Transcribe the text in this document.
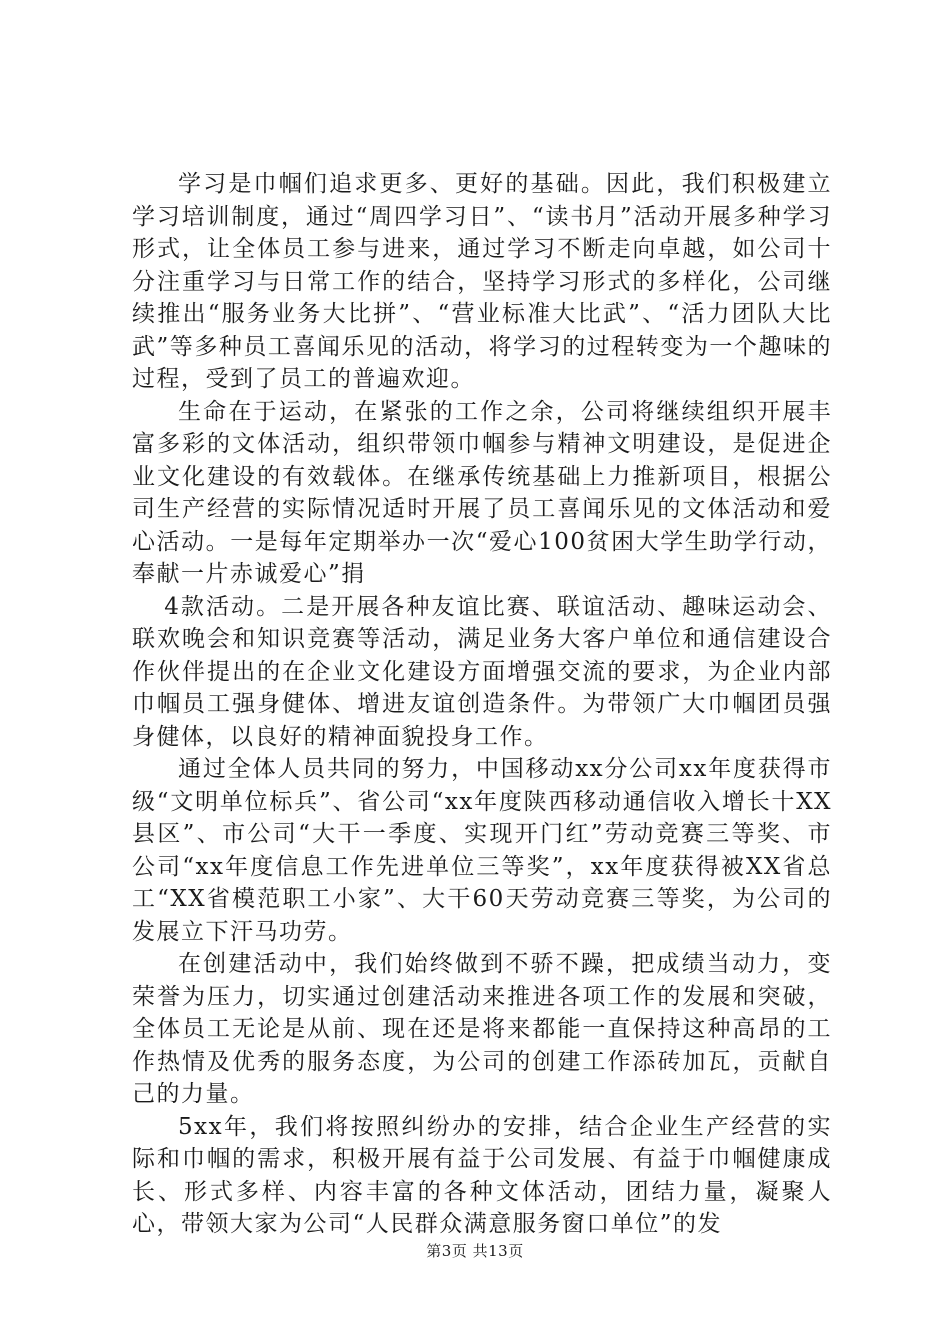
学习是巾帼们追求更多、更好的基础。因此，我们积极建立学习培训制度，通过“周四学习日”、“读书月”活动开展多种学习形式，让全体员工参与进来，通过学习不断走向卓越，如公司十分注重学习与日常工作的结合，坚持学习形式的多样化，公司继续推出“服务业务大比拼”、“营业标准大比武”、“活力团队大比武”等多种员工喜闻乐见的活动，将学习的过程转变为一个趣味的过程，受到了员工的普遍欢迎。

生命在于运动，在紧张的工作之余，公司将继续组织开展丰富多彩的文体活动，组织带领巾帼参与精神文明建设，是促进企业文化建设的有效载体。在继承传统基础上力推新项目，根据公司生产经营的实际情况适时开展了员工喜闻乐见的文体活动和爱心活动。一是每年定期举办一次“爱心100贫困大学生助学行动，奉献一片赤诚爱心”捐

4款活动。二是开展各种友谊比赛、联谊活动、趣味运动会、联欢晚会和知识竞赛等活动，满足业务大客户单位和通信建设合作伙伴提出的在企业文化建设方面增强交流的要求，为企业内部巾帼员工强身健体、增进友谊创造条件。为带领广大巾帼团员强身健体，以良好的精神面貌投身工作。

通过全体人员共同的努力，中国移动xx分公司xx年度获得市级“文明单位标兵”、省公司“xx年度陕西移动通信收入增长十XX县区”、市公司“大干一季度、实现开门红”劳动竞赛三等奖、市公司“xx年度信息工作先进单位三等奖”，xx年度获得被XX省总工“XX省模范职工小家”、大干60天劳动竞赛三等奖，为公司的发展立下汗马功劳。

在创建活动中，我们始终做到不骄不躁，把成绩当动力，变荣誉为压力，切实通过创建活动来推进各项工作的发展和突破，全体员工无论是从前、现在还是将来都能一直保持这种高昂的工作热情及优秀的服务态度，为公司的创建工作添砖加瓦，贡献自己的力量。

5xx年，我们将按照纠纷办的安排，结合企业生产经营的实际和巾帼的需求，积极开展有益于公司发展、有益于巾帼健康成长、形式多样、内容丰富的各种文体活动，团结力量，凝聚人心，带领大家为公司“人民群众满意服务窗口单位”的发

第3页 共13页
